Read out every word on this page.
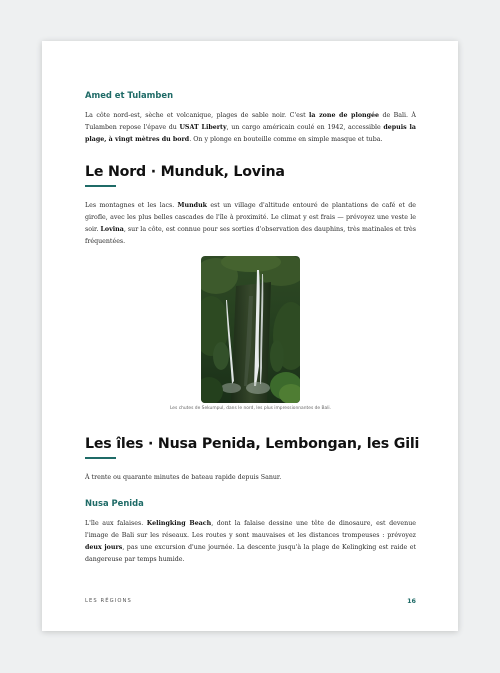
Amed et Tulamben

La côte nord-est, sèche et volcanique, plages de sable noir. C'est la zone de plongée de Bali. À Tulamben repose l'épave du USAT Liberty, un cargo américain coulé en 1942, accessible depuis la plage, à vingt mètres du bord. On y plonge en bouteille comme en simple masque et tuba.

Le Nord · Munduk, Lovina

Les montagnes et les lacs. Munduk est un village d'altitude entouré de plantations de café et de girofle, avec les plus belles cascades de l'île à proximité. Le climat y est frais — prévoyez une veste le soir. Lovina, sur la côte, est connue pour ses sorties d'observation des dauphins, très matinales et très fréquentées.

Les chutes de Sekumpul, dans le nord, les plus impressionnantes de Bali.
Les îles · Nusa Penida, Lembongan, les Gili

À trente ou quarante minutes de bateau rapide depuis Sanur.

Nusa Penida

L'île aux falaises. Kelingking Beach, dont la falaise dessine une tête de dinosaure, est devenue l'image de Bali sur les réseaux. Les routes y sont mauvaises et les distances trompeuses : prévoyez deux jours, pas une excursion d'une journée. La descente jusqu'à la plage de Kelingking est raide et dangereuse par temps humide.

LES RÉGIONS	16
